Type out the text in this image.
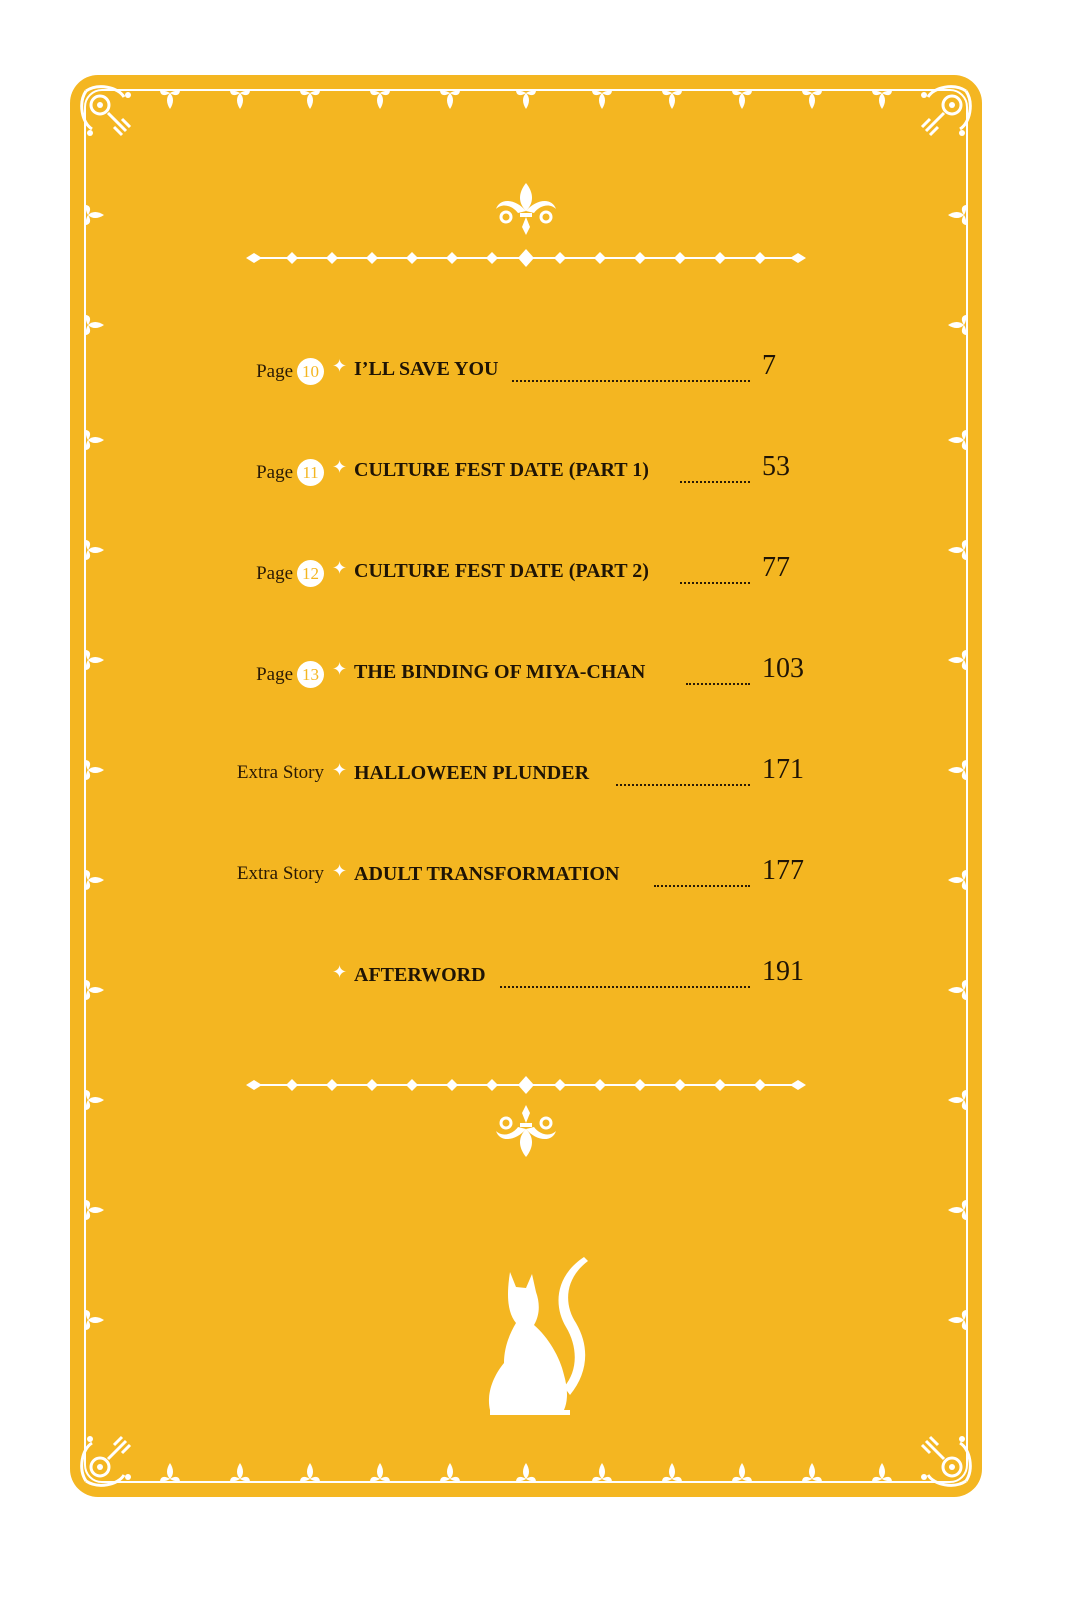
Page 10 ✦ I’LL SAVE YOU	7
Page 11 ✦ CULTURE FEST DATE (PART 1)	53
Page 12 ✦ CULTURE FEST DATE (PART 2)	77
Page 13 ✦ THE BINDING OF MIYA-CHAN	103
Extra Story ✦ HALLOWEEN PLUNDER	171
Extra Story ✦ ADULT TRANSFORMATION	177
✦ AFTERWORD	191
